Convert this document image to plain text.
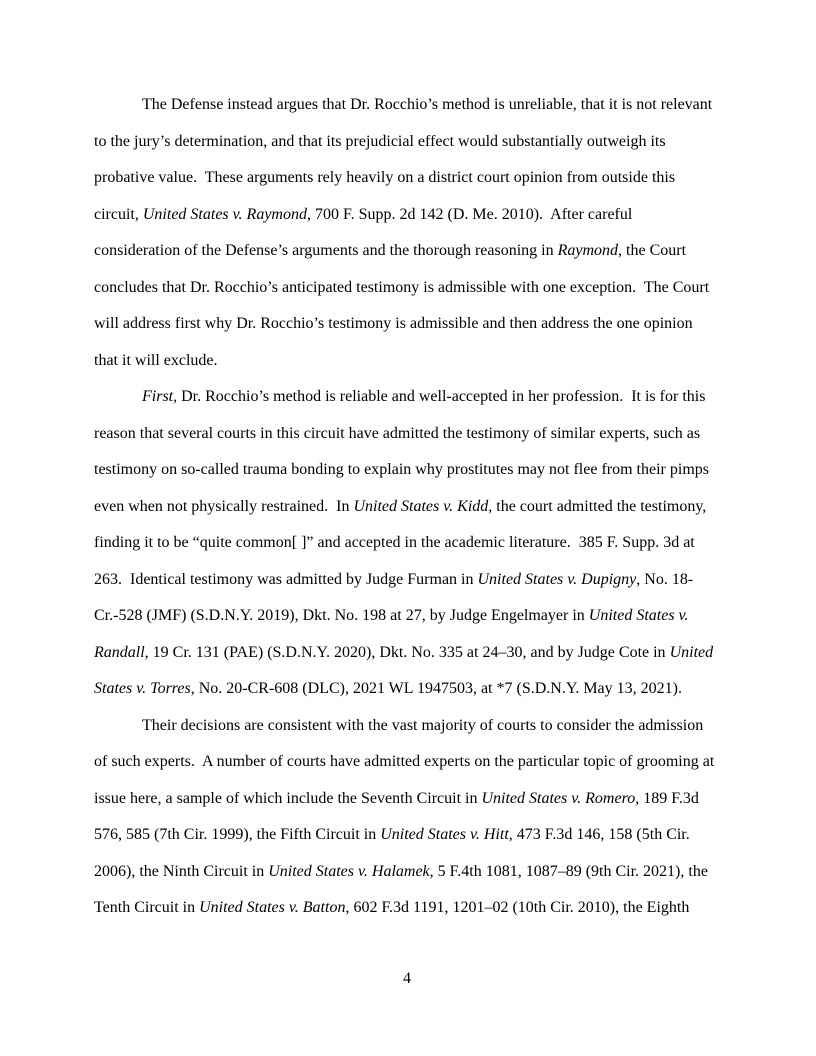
The Defense instead argues that Dr. Rocchio’s method is unreliable, that it is not relevant to the jury’s determination, and that its prejudicial effect would substantially outweigh its probative value.  These arguments rely heavily on a district court opinion from outside this circuit, United States v. Raymond, 700 F. Supp. 2d 142 (D. Me. 2010).  After careful consideration of the Defense’s arguments and the thorough reasoning in Raymond, the Court concludes that Dr. Rocchio’s anticipated testimony is admissible with one exception.  The Court will address first why Dr. Rocchio’s testimony is admissible and then address the one opinion that it will exclude.

First, Dr. Rocchio’s method is reliable and well-accepted in her profession.  It is for this reason that several courts in this circuit have admitted the testimony of similar experts, such as testimony on so-called trauma bonding to explain why prostitutes may not flee from their pimps even when not physically restrained.  In United States v. Kidd, the court admitted the testimony, finding it to be “quite common[ ]” and accepted in the academic literature.  385 F. Supp. 3d at 263.  Identical testimony was admitted by Judge Furman in United States v. Dupigny, No. 18-Cr.-528 (JMF) (S.D.N.Y. 2019), Dkt. No. 198 at 27, by Judge Engelmayer in United States v. Randall, 19 Cr. 131 (PAE) (S.D.N.Y. 2020), Dkt. No. 335 at 24–30, and by Judge Cote in United States v. Torres, No. 20-CR-608 (DLC), 2021 WL 1947503, at *7 (S.D.N.Y. May 13, 2021).

Their decisions are consistent with the vast majority of courts to consider the admission of such experts.  A number of courts have admitted experts on the particular topic of grooming at issue here, a sample of which include the Seventh Circuit in United States v. Romero, 189 F.3d 576, 585 (7th Cir. 1999), the Fifth Circuit in United States v. Hitt, 473 F.3d 146, 158 (5th Cir. 2006), the Ninth Circuit in United States v. Halamek, 5 F.4th 1081, 1087–89 (9th Cir. 2021), the Tenth Circuit in United States v. Batton, 602 F.3d 1191, 1201–02 (10th Cir. 2010), the Eighth

4
